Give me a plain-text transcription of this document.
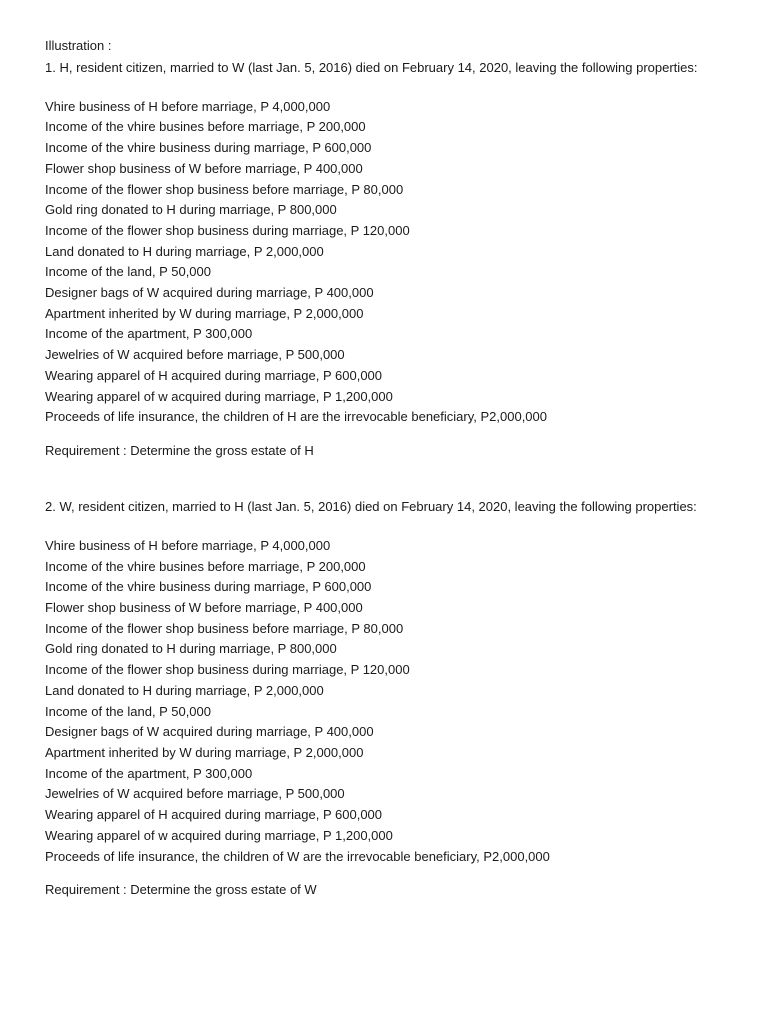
Illustration :

1. H, resident citizen, married to W (last Jan. 5, 2016) died on February 14, 2020, leaving the following properties:

Vhire business of H before marriage, P 4,000,000

Income of the vhire busines before marriage, P 200,000

Income of the vhire business during marriage, P 600,000

Flower shop business of W before marriage, P 400,000

Income of the flower shop business before marriage, P 80,000

Gold ring donated to H during marriage, P 800,000

Income of the flower shop business during marriage, P 120,000

Land donated to H during marriage, P 2,000,000

Income of the land, P 50,000

Designer bags of W acquired during marriage, P 400,000

Apartment inherited by W during marriage, P 2,000,000

Income of the apartment, P 300,000

Jewelries of W acquired before marriage, P 500,000

Wearing apparel of H acquired during marriage, P 600,000

Wearing apparel of w acquired during marriage, P 1,200,000

Proceeds of life insurance, the children of H are the irrevocable beneficiary, P2,000,000

Requirement : Determine the gross estate of H

2. W, resident citizen, married to H (last Jan. 5, 2016) died on February 14, 2020, leaving the following properties:

Vhire business of H before marriage, P 4,000,000

Income of the vhire busines before marriage, P 200,000

Income of the vhire business during marriage, P 600,000

Flower shop business of W before marriage, P 400,000

Income of the flower shop business before marriage, P 80,000

Gold ring donated to H during marriage, P 800,000

Income of the flower shop business during marriage, P 120,000

Land donated to H during marriage, P 2,000,000

Income of the land, P 50,000

Designer bags of W acquired during marriage, P 400,000

Apartment inherited by W during marriage, P 2,000,000

Income of the apartment, P 300,000

Jewelries of W acquired before marriage, P 500,000

Wearing apparel of H acquired during marriage, P 600,000

Wearing apparel of w acquired during marriage, P 1,200,000

Proceeds of life insurance, the children of W are the irrevocable beneficiary, P2,000,000

Requirement : Determine the gross estate of W
